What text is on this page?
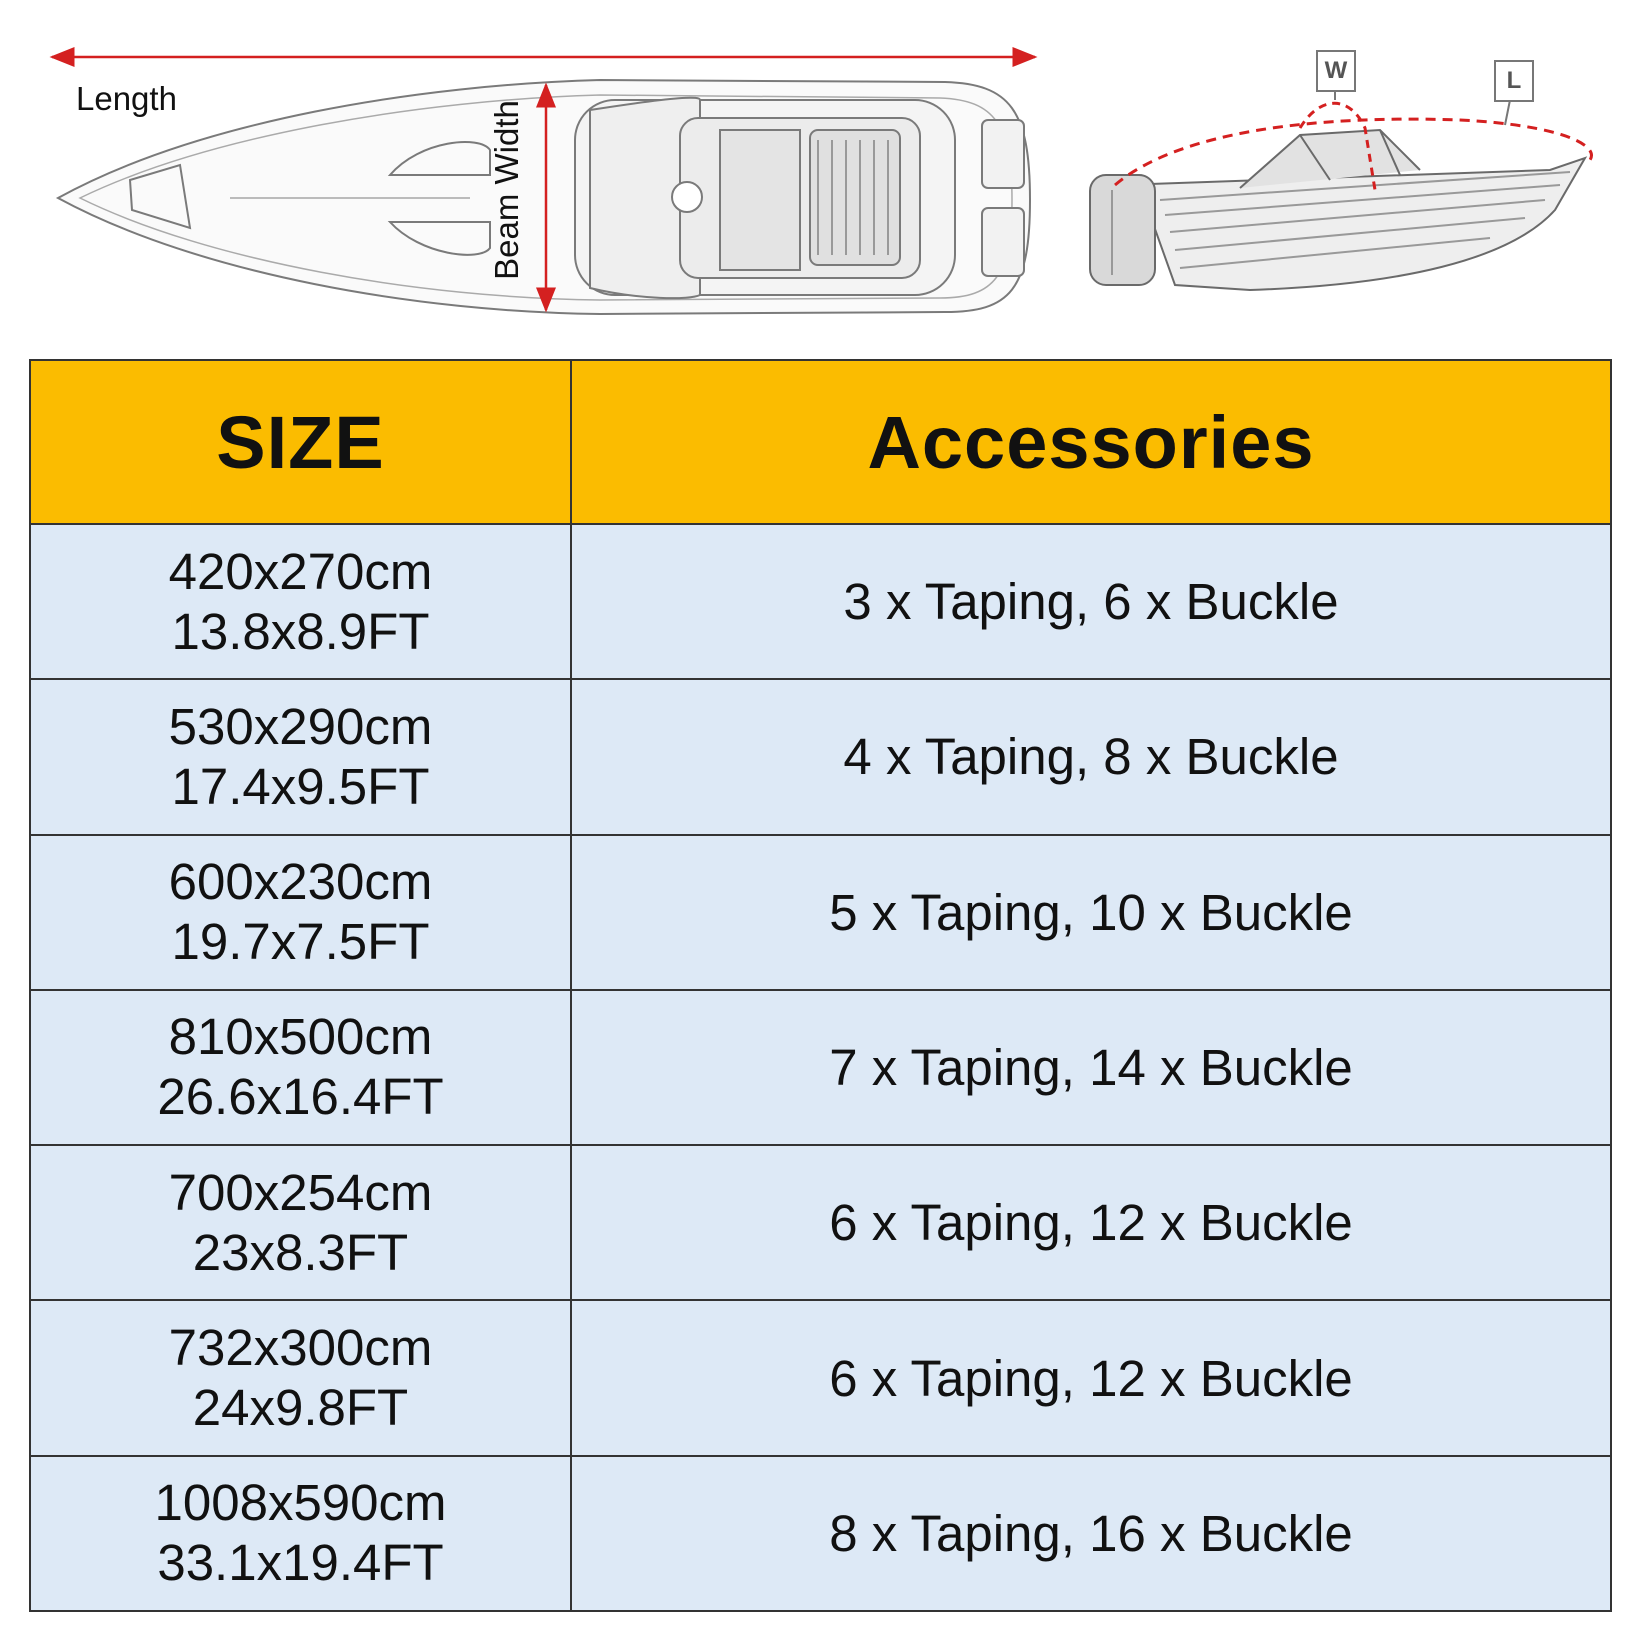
Length
Beam Width
W	L
SIZE	Accessories

420x270cm
13.8x8.9FT	3 x Taping, 6 x Buckle

530x290cm
17.4x9.5FT	4 x Taping, 8 x Buckle

600x230cm
19.7x7.5FT	5 x Taping, 10 x Buckle

810x500cm
26.6x16.4FT	7 x Taping, 14 x Buckle

700x254cm
23x8.3FT	6 x Taping, 12 x Buckle

732x300cm
24x9.8FT	6 x Taping, 12 x Buckle

1008x590cm
33.1x19.4FT	8 x Taping, 16 x Buckle
